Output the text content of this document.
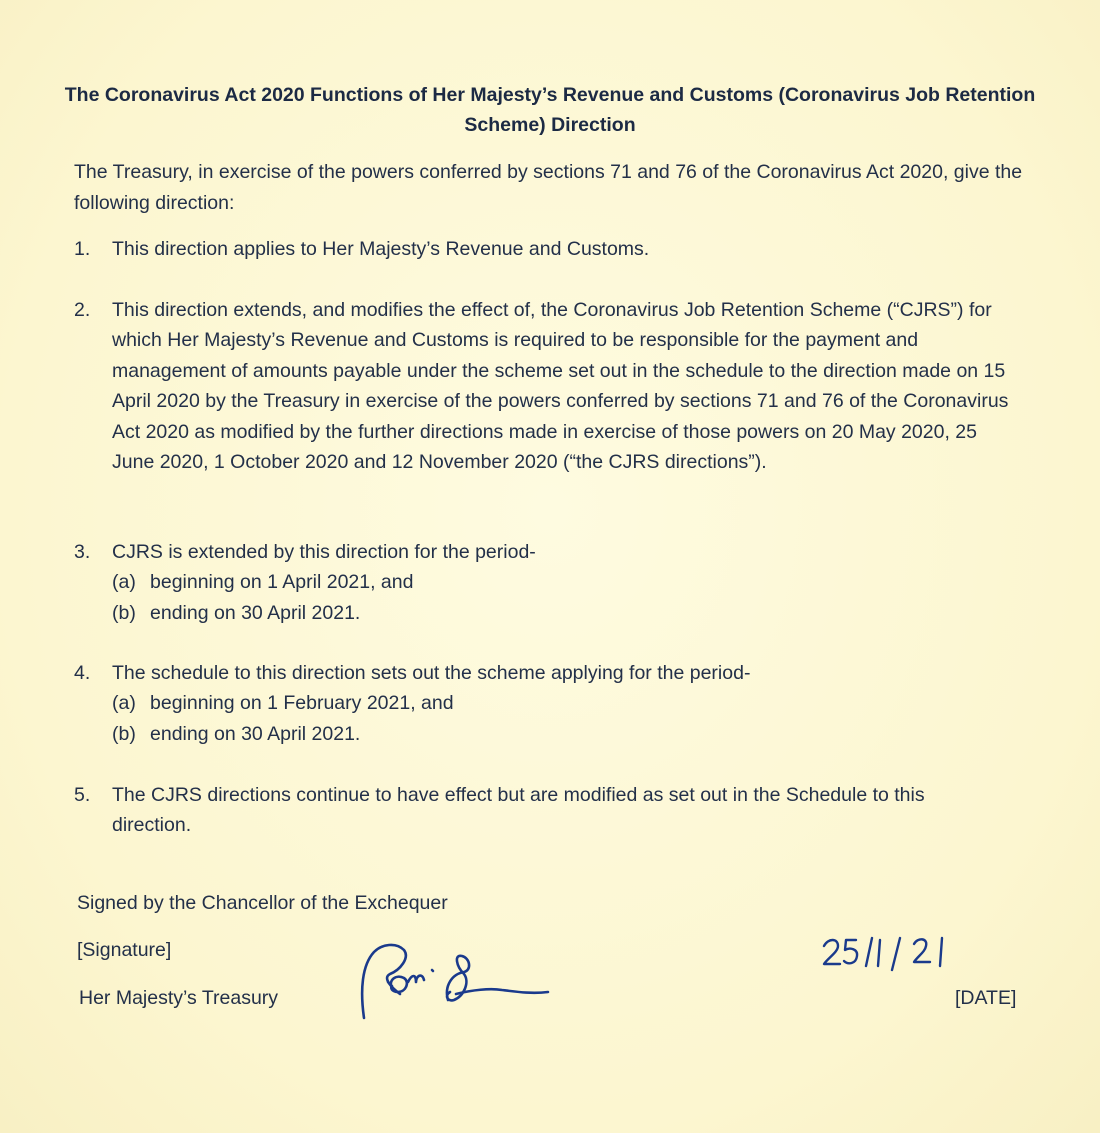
The Coronavirus Act 2020 Functions of Her Majesty’s Revenue and Customs (Coronavirus Job Retention Scheme) Direction
The Treasury, in exercise of the powers conferred by sections 71 and 76 of the Coronavirus Act 2020, give the following direction:
1. This direction applies to Her Majesty’s Revenue and Customs.
2. This direction extends, and modifies the effect of, the Coronavirus Job Retention Scheme (“CJRS”) for which Her Majesty’s Revenue and Customs is required to be responsible for the payment and management of amounts payable under the scheme set out in the schedule to the direction made on 15 April 2020 by the Treasury in exercise of the powers conferred by sections 71 and 76 of the Coronavirus Act 2020 as modified by the further directions made in exercise of those powers on 20 May 2020, 25 June 2020, 1 October 2020 and 12 November 2020 (“the CJRS directions”).
3. CJRS is extended by this direction for the period-
(a) beginning on 1 April 2021, and
(b) ending on 30 April 2021.
4. The schedule to this direction sets out the scheme applying for the period-
(a) beginning on 1 February 2021, and
(b) ending on 30 April 2021.
5. The CJRS directions continue to have effect but are modified as set out in the Schedule to this direction.
Signed by the Chancellor of the Exchequer
[Signature]
Her Majesty’s Treasury	[DATE]
